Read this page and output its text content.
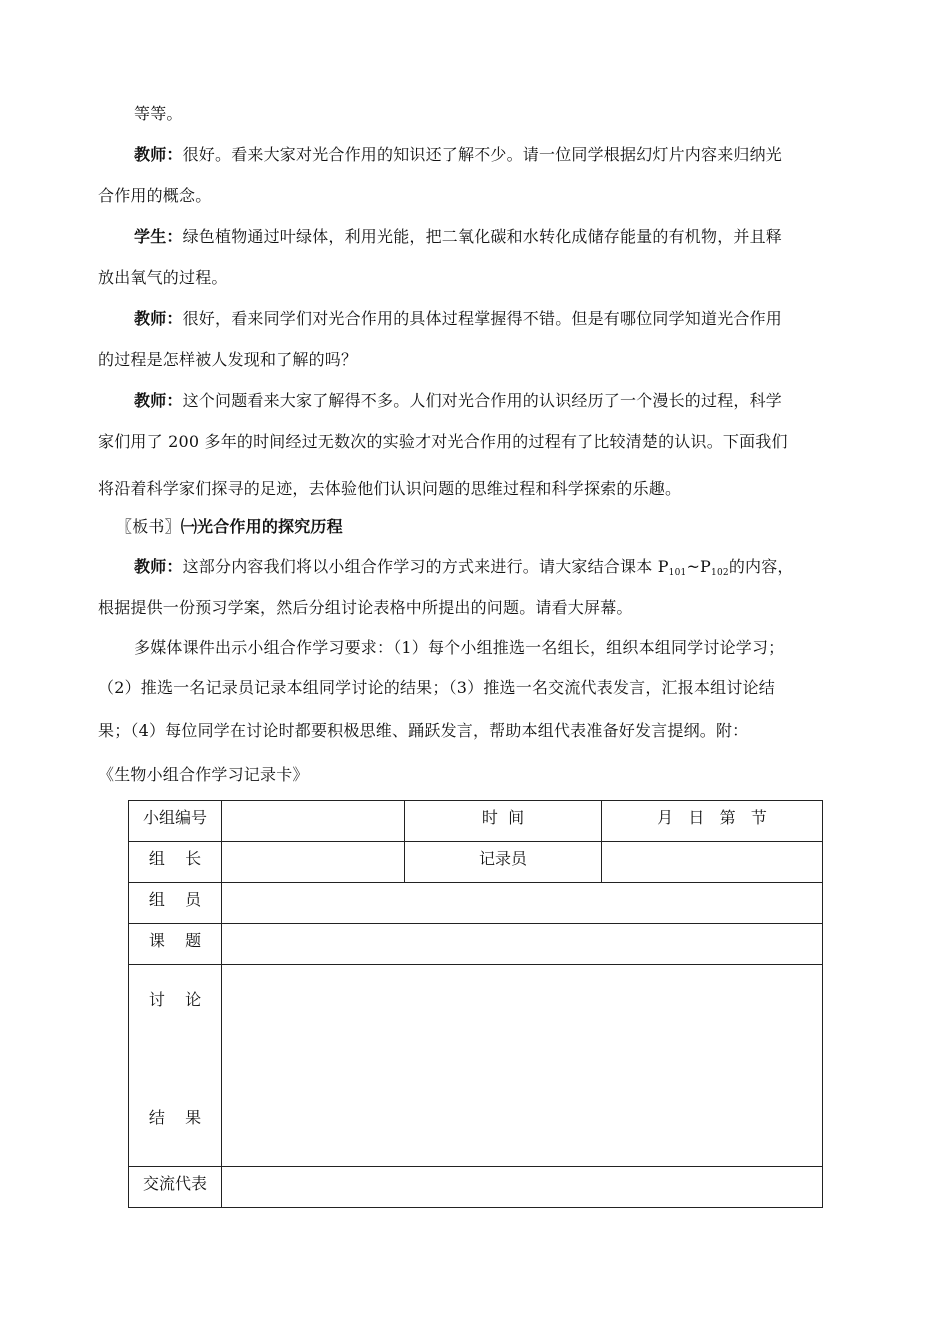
等等。
教师：很好。看来大家对光合作用的知识还了解不少。请一位同学根据幻灯片内容来归纳光
合作用的概念。
学生：绿色植物通过叶绿体，利用光能，把二氧化碳和水转化成储存能量的有机物，并且释
放出氧气的过程。
教师：很好，看来同学们对光合作用的具体过程掌握得不错。但是有哪位同学知道光合作用
的过程是怎样被人发现和了解的吗？
教师：这个问题看来大家了解得不多。人们对光合作用的认识经历了一个漫长的过程，科学
家们用了 200 多年的时间经过无数次的实验才对光合作用的过程有了比较清楚的认识。下面我们
将沿着科学家们探寻的足迹，去体验他们认识问题的思维过程和科学探索的乐趣。
〖板书〗㈠光合作用的探究历程
教师：这部分内容我们将以小组合作学习的方式来进行。请大家结合课本 $P_{101}\sim P_{102}$的内容，
根据提供一份预习学案，然后分组讨论表格中所提出的问题。请看大屏幕。
多媒体课件出示小组合作学习要求：（1）每个小组推选一名组长，组织本组同学讨论学习；
（2）推选一名记录员记录本组同学讨论的结果；（3）推选一名交流代表发言，汇报本组讨论结
果；（4）每位同学在讨论时都要积极思维、踊跃发言，帮助本组代表准备好发言提纲。附：
《生物小组合作学习记录卡》
小组编号		时  间	月   日   第   节
组    长		记录员	
组    员			
课    题			

讨    论
结    果			

交流代表			
